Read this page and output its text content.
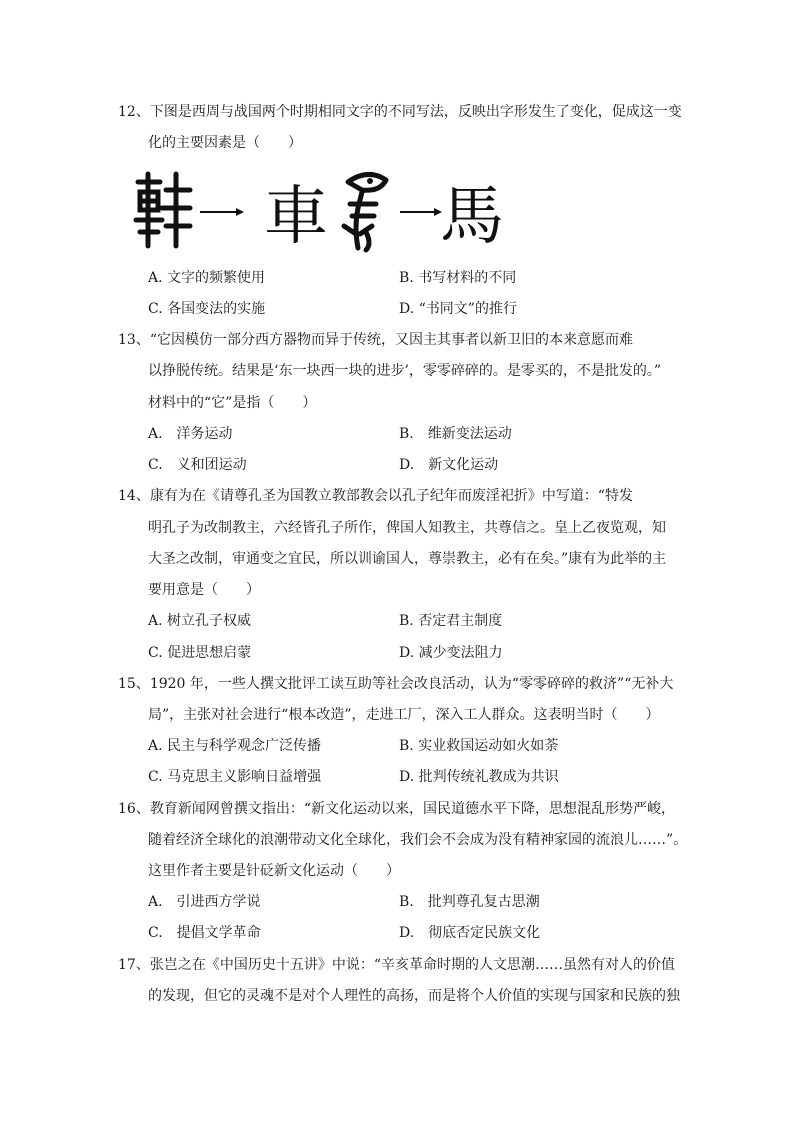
12、下图是西周与战国两个时期相同文字的不同写法，反映出字形发生了变化，促成这一变
化的主要因素是（　　）
車 馬
A. 文字的频繁使用	B. 书写材料的不同
C. 各国变法的实施	D. “书同文”的推行
13、“它因模仿一部分西方器物而异于传统，又因主其事者以新卫旧的本来意愿而难
以挣脱传统。结果是‘东一块西一块的进步’，零零碎碎的。是零买的，不是批发的。”
材料中的“它”是指（　　）
A.　洋务运动	B.　维新变法运动
C.　义和团运动	D.　新文化运动
14、康有为在《请尊孔圣为国教立教部教会以孔子纪年而废淫祀折》中写道：“特发
明孔子为改制教主，六经皆孔子所作，俾国人知教主，共尊信之。皇上乙夜览观，知
大圣之改制，审通变之宜民，所以训谕国人，尊崇教主，必有在矣。”康有为此举的主
要用意是（　　）
A. 树立孔子权威	B. 否定君主制度
C. 促进思想启蒙	D. 减少变法阻力
15、1920 年，一些人撰文批评工读互助等社会改良活动，认为“零零碎碎的救济”“无补大
局”，主张对社会进行“根本改造”，走进工厂，深入工人群众。这表明当时（　　）
A. 民主与科学观念广泛传播	B. 实业救国运动如火如荼
C. 马克思主义影响日益增强	D. 批判传统礼教成为共识
16、教育新闻网曾撰文指出：“新文化运动以来，国民道德水平下降，思想混乱形势严峻，
随着经济全球化的浪潮带动文化全球化，我们会不会成为没有精神家园的流浪儿……”。
这里作者主要是针砭新文化运动（　　）
A.　引进西方学说	B.　批判尊孔复古思潮
C.　提倡文学革命	D.　彻底否定民族文化
17、张岂之在《中国历史十五讲》中说：“辛亥革命时期的人文思潮……虽然有对人的价值
的发现，但它的灵魂不是对个人理性的高扬，而是将个人价值的实现与国家和民族的独
